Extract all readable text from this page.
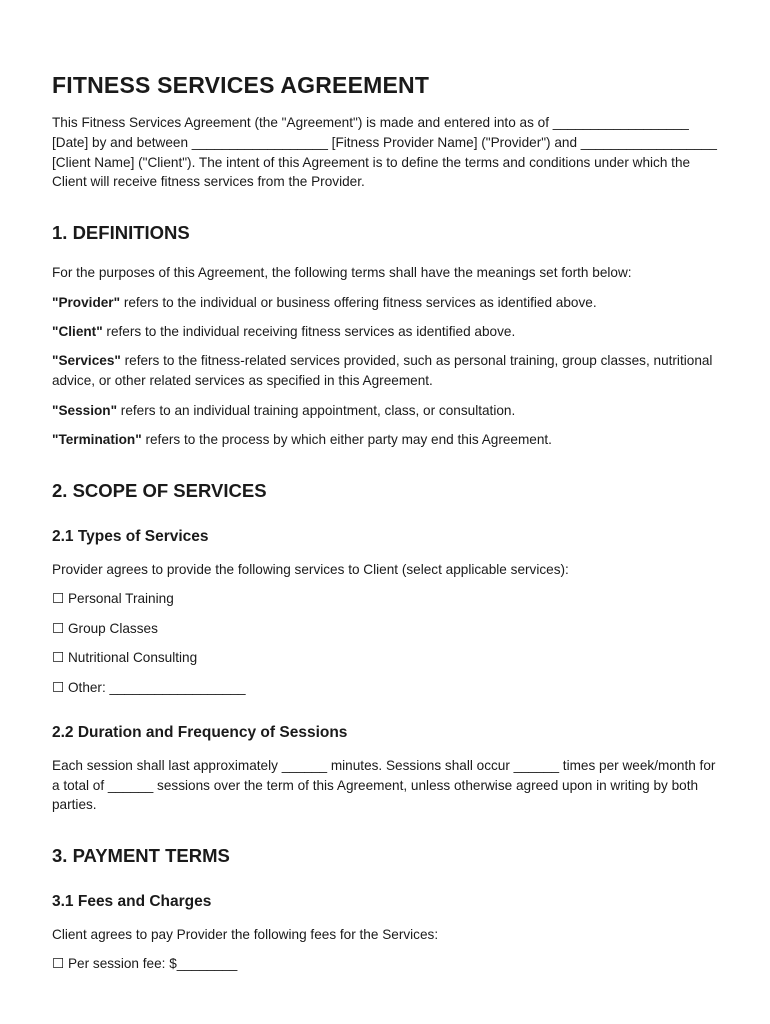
FITNESS SERVICES AGREEMENT

This Fitness Services Agreement (the "Agreement") is made and entered into as of __________________ [Date] by and between __________________ [Fitness Provider Name] ("Provider") and __________________ [Client Name] ("Client"). The intent of this Agreement is to define the terms and conditions under which the Client will receive fitness services from the Provider.

1. DEFINITIONS

For the purposes of this Agreement, the following terms shall have the meanings set forth below:

"Provider" refers to the individual or business offering fitness services as identified above.

"Client" refers to the individual receiving fitness services as identified above.

"Services" refers to the fitness-related services provided, such as personal training, group classes, nutritional advice, or other related services as specified in this Agreement.

"Session" refers to an individual training appointment, class, or consultation.

"Termination" refers to the process by which either party may end this Agreement.

2. SCOPE OF SERVICES
2.1 Types of Services

Provider agrees to provide the following services to Client (select applicable services):

☐ Personal Training

☐ Group Classes

☐ Nutritional Consulting

☐ Other: __________________

2.2 Duration and Frequency of Sessions

Each session shall last approximately ______ minutes. Sessions shall occur ______ times per week/month for a total of ______ sessions over the term of this Agreement, unless otherwise agreed upon in writing by both parties.

3. PAYMENT TERMS
3.1 Fees and Charges

Client agrees to pay Provider the following fees for the Services:

☐ Per session fee: $________
